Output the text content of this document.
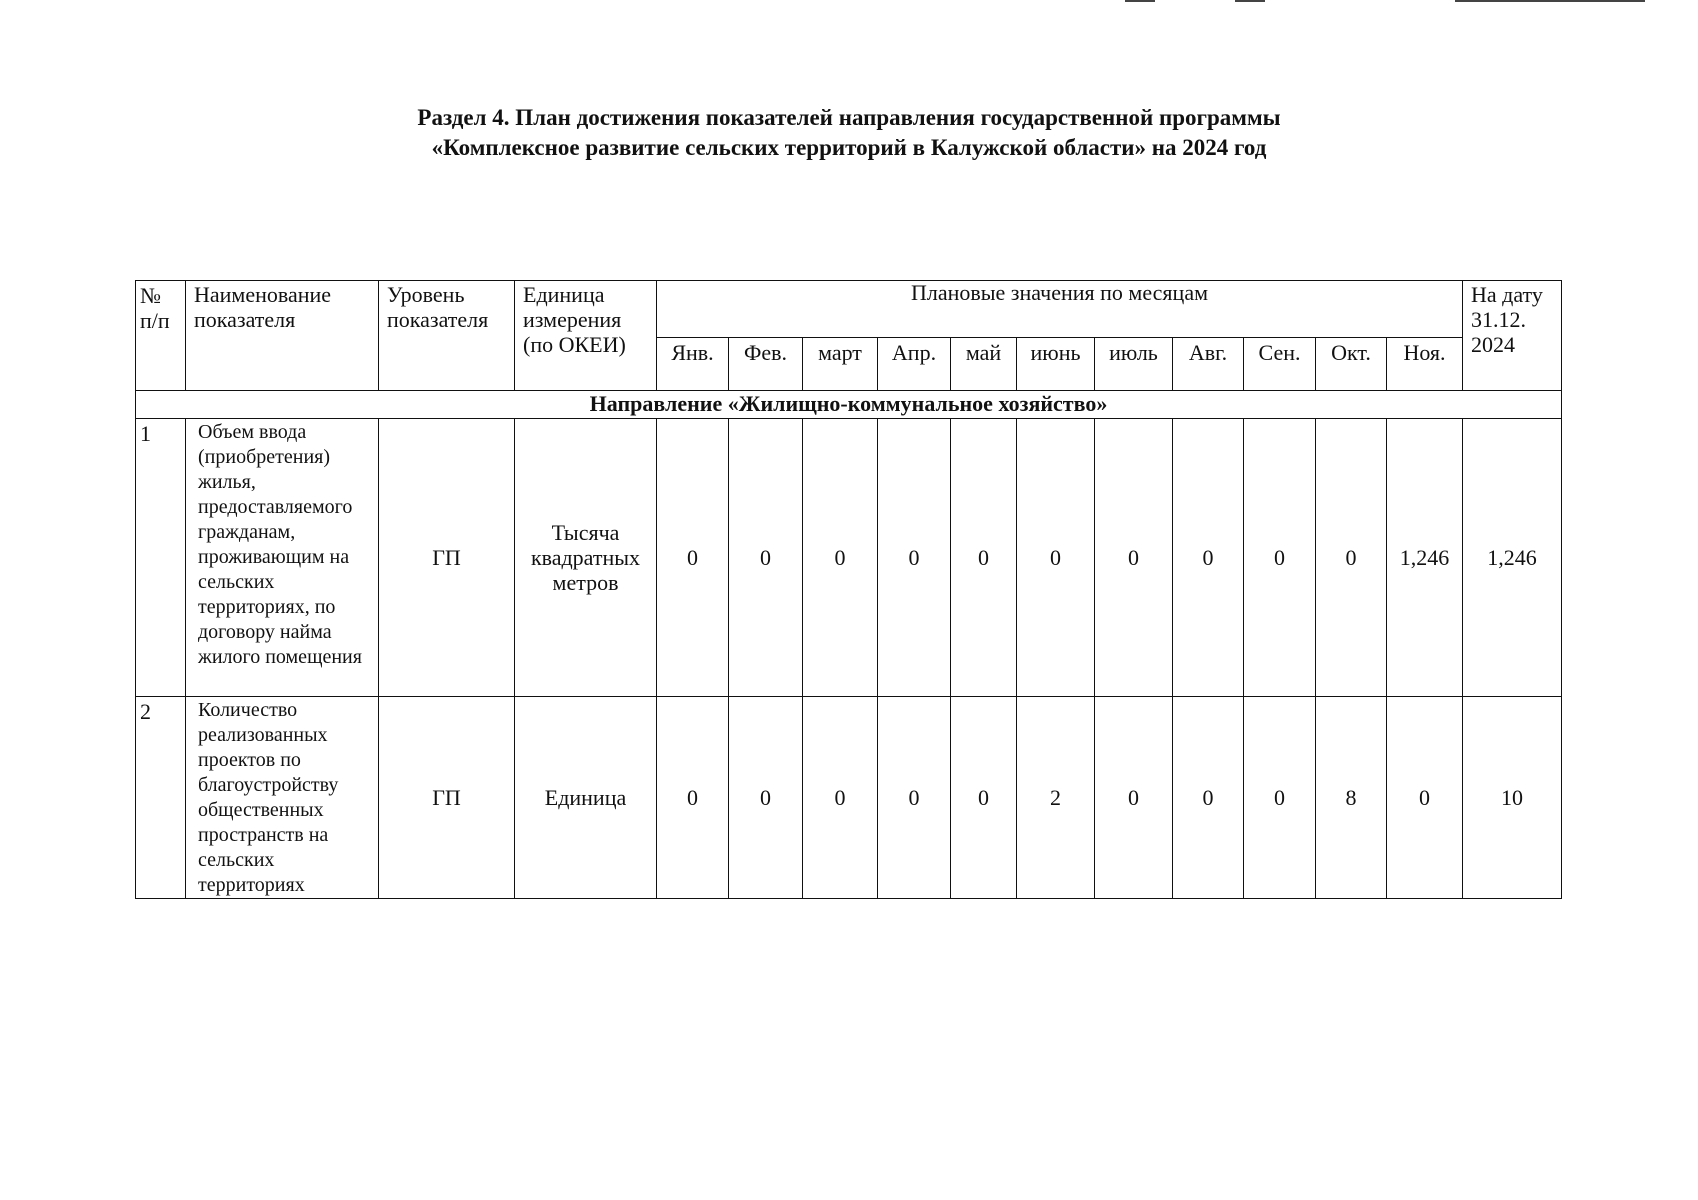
Раздел 4. План достижения показателей направления государственной программы
«Комплексное развитие сельских территорий в Калужской области» на 2024 год
№ п/п	Наименование показателя	Уровень показателя	Единица измерения (по ОКЕИ)	Плановые значения по месяцам											На дату 31.12. 2024
				Янв.	Фев.	март	Апр.	май	июнь	июль	Авг.	Сен.	Окт.	Ноя.	
Направление «Жилищно-коммунальное хозяйство»															
1	Объем ввода (приобретения) жилья, предоставляемого гражданам, проживающим на сельских территориях, по договору найма жилого помещения	ГП	Тысяча квадратных метров	0	0	0	0	0	0	0	0	0	0	1,246	1,246
2	Количество реализованных проектов по благоустройству общественных пространств на сельских территориях	ГП	Единица	0	0	0	0	0	2	0	0	0	8	0	10
